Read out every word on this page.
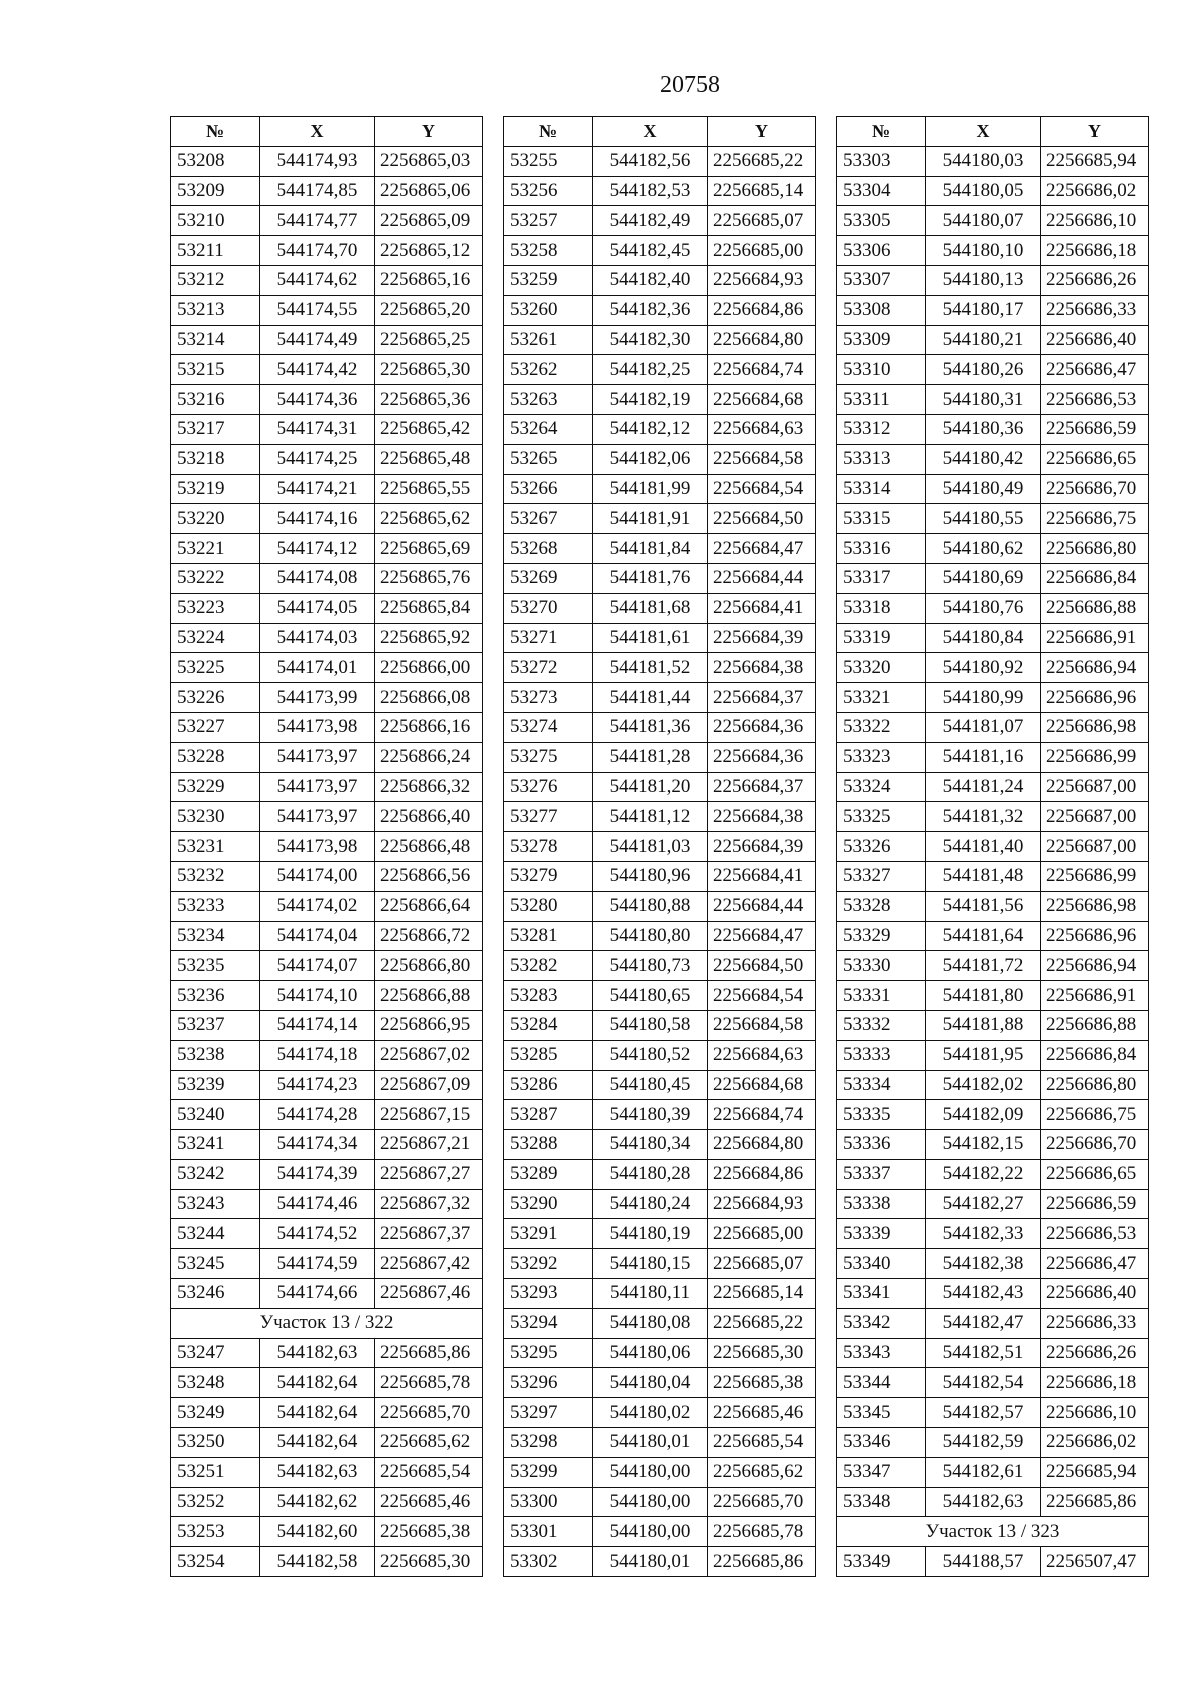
20758
№	X	Y
53208	544174,93	2256865,03
53209	544174,85	2256865,06
53210	544174,77	2256865,09
53211	544174,70	2256865,12
53212	544174,62	2256865,16
53213	544174,55	2256865,20
53214	544174,49	2256865,25
53215	544174,42	2256865,30
53216	544174,36	2256865,36
53217	544174,31	2256865,42
53218	544174,25	2256865,48
53219	544174,21	2256865,55
53220	544174,16	2256865,62
53221	544174,12	2256865,69
53222	544174,08	2256865,76
53223	544174,05	2256865,84
53224	544174,03	2256865,92
53225	544174,01	2256866,00
53226	544173,99	2256866,08
53227	544173,98	2256866,16
53228	544173,97	2256866,24
53229	544173,97	2256866,32
53230	544173,97	2256866,40
53231	544173,98	2256866,48
53232	544174,00	2256866,56
53233	544174,02	2256866,64
53234	544174,04	2256866,72
53235	544174,07	2256866,80
53236	544174,10	2256866,88
53237	544174,14	2256866,95
53238	544174,18	2256867,02
53239	544174,23	2256867,09
53240	544174,28	2256867,15
53241	544174,34	2256867,21
53242	544174,39	2256867,27
53243	544174,46	2256867,32
53244	544174,52	2256867,37
53245	544174,59	2256867,42
53246	544174,66	2256867,46
Участок 13 / 322		
53247	544182,63	2256685,86
53248	544182,64	2256685,78
53249	544182,64	2256685,70
53250	544182,64	2256685,62
53251	544182,63	2256685,54
53252	544182,62	2256685,46
53253	544182,60	2256685,38
53254	544182,58	2256685,30
№	X	Y
53255	544182,56	2256685,22
53256	544182,53	2256685,14
53257	544182,49	2256685,07
53258	544182,45	2256685,00
53259	544182,40	2256684,93
53260	544182,36	2256684,86
53261	544182,30	2256684,80
53262	544182,25	2256684,74
53263	544182,19	2256684,68
53264	544182,12	2256684,63
53265	544182,06	2256684,58
53266	544181,99	2256684,54
53267	544181,91	2256684,50
53268	544181,84	2256684,47
53269	544181,76	2256684,44
53270	544181,68	2256684,41
53271	544181,61	2256684,39
53272	544181,52	2256684,38
53273	544181,44	2256684,37
53274	544181,36	2256684,36
53275	544181,28	2256684,36
53276	544181,20	2256684,37
53277	544181,12	2256684,38
53278	544181,03	2256684,39
53279	544180,96	2256684,41
53280	544180,88	2256684,44
53281	544180,80	2256684,47
53282	544180,73	2256684,50
53283	544180,65	2256684,54
53284	544180,58	2256684,58
53285	544180,52	2256684,63
53286	544180,45	2256684,68
53287	544180,39	2256684,74
53288	544180,34	2256684,80
53289	544180,28	2256684,86
53290	544180,24	2256684,93
53291	544180,19	2256685,00
53292	544180,15	2256685,07
53293	544180,11	2256685,14
53294	544180,08	2256685,22
53295	544180,06	2256685,30
53296	544180,04	2256685,38
53297	544180,02	2256685,46
53298	544180,01	2256685,54
53299	544180,00	2256685,62
53300	544180,00	2256685,70
53301	544180,00	2256685,78
53302	544180,01	2256685,86
№	X	Y
53303	544180,03	2256685,94
53304	544180,05	2256686,02
53305	544180,07	2256686,10
53306	544180,10	2256686,18
53307	544180,13	2256686,26
53308	544180,17	2256686,33
53309	544180,21	2256686,40
53310	544180,26	2256686,47
53311	544180,31	2256686,53
53312	544180,36	2256686,59
53313	544180,42	2256686,65
53314	544180,49	2256686,70
53315	544180,55	2256686,75
53316	544180,62	2256686,80
53317	544180,69	2256686,84
53318	544180,76	2256686,88
53319	544180,84	2256686,91
53320	544180,92	2256686,94
53321	544180,99	2256686,96
53322	544181,07	2256686,98
53323	544181,16	2256686,99
53324	544181,24	2256687,00
53325	544181,32	2256687,00
53326	544181,40	2256687,00
53327	544181,48	2256686,99
53328	544181,56	2256686,98
53329	544181,64	2256686,96
53330	544181,72	2256686,94
53331	544181,80	2256686,91
53332	544181,88	2256686,88
53333	544181,95	2256686,84
53334	544182,02	2256686,80
53335	544182,09	2256686,75
53336	544182,15	2256686,70
53337	544182,22	2256686,65
53338	544182,27	2256686,59
53339	544182,33	2256686,53
53340	544182,38	2256686,47
53341	544182,43	2256686,40
53342	544182,47	2256686,33
53343	544182,51	2256686,26
53344	544182,54	2256686,18
53345	544182,57	2256686,10
53346	544182,59	2256686,02
53347	544182,61	2256685,94
53348	544182,63	2256685,86
Участок 13 / 323		
53349	544188,57	2256507,47
